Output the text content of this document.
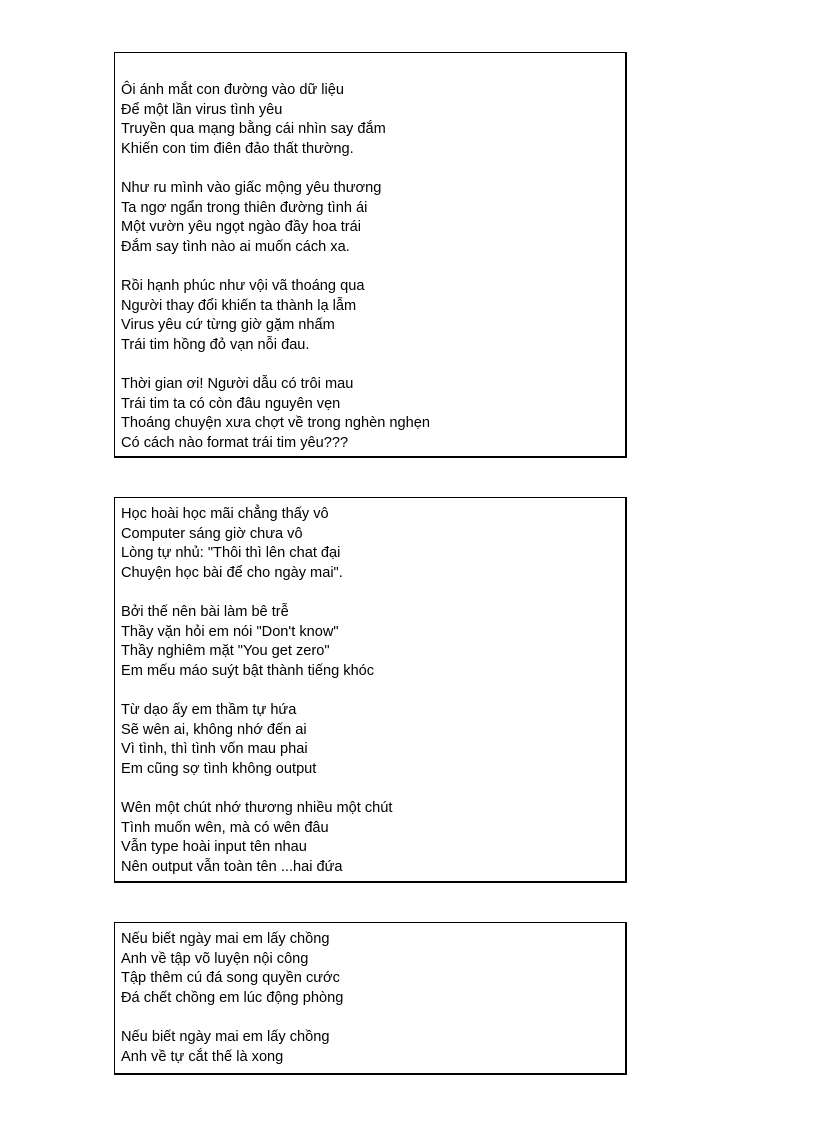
Ôi ánh mắt con đường vào dữ liệu
Để một lần virus tình yêu
Truyền qua mạng bằng cái nhìn say đắm
Khiến con tim điên đảo thất thường.
Như ru mình vào giấc mộng yêu thương
Ta ngơ ngẩn trong thiên đường tình ái
Một vườn yêu ngọt ngào đầy hoa trái
Đắm say tình nào ai muốn cách xa.
Rồi hạnh phúc như vội vã thoáng qua
Người thay đổi khiến ta thành lạ lẫm
Virus yêu cứ từng giờ gặm nhấm
Trái tim hồng đỏ vạn nỗi đau.
Thời gian ơi! Người dẫu có trôi mau
Trái tim ta có còn đâu nguyên vẹn
Thoáng chuyện xưa chợt về trong nghèn nghẹn
Có cách nào format trái tim yêu???
Học hoài học mãi chẳng thấy vô
Computer sáng giờ chưa vô
Lòng tự nhủ: "Thôi thì lên chat đại
Chuyện học bài để cho ngày mai".
Bởi thế nên bài làm bê trễ
Thầy vặn hỏi em nói "Don't know"
Thầy nghiêm mặt "You get zero"
Em mếu máo suýt bật thành tiếng khóc
Từ dạo ấy em thầm tự hứa
Sẽ wên ai, không nhớ đến ai
Vì tình, thì tình vốn mau phai
Em cũng sợ tình không output
Wên một chút nhớ thương nhiều một chút
Tình muốn wên, mà có wên đâu
Vẫn type hoài input tên nhau
Nên output vẫn toàn tên ...hai đứa
Nếu biết ngày mai em lấy chồng
Anh về tập võ luyện nội công
Tập thêm cú đá song quyền cước
Đá chết chồng em lúc động phòng
Nếu biết ngày mai em lấy chồng
Anh về tự cắt thế là xong
